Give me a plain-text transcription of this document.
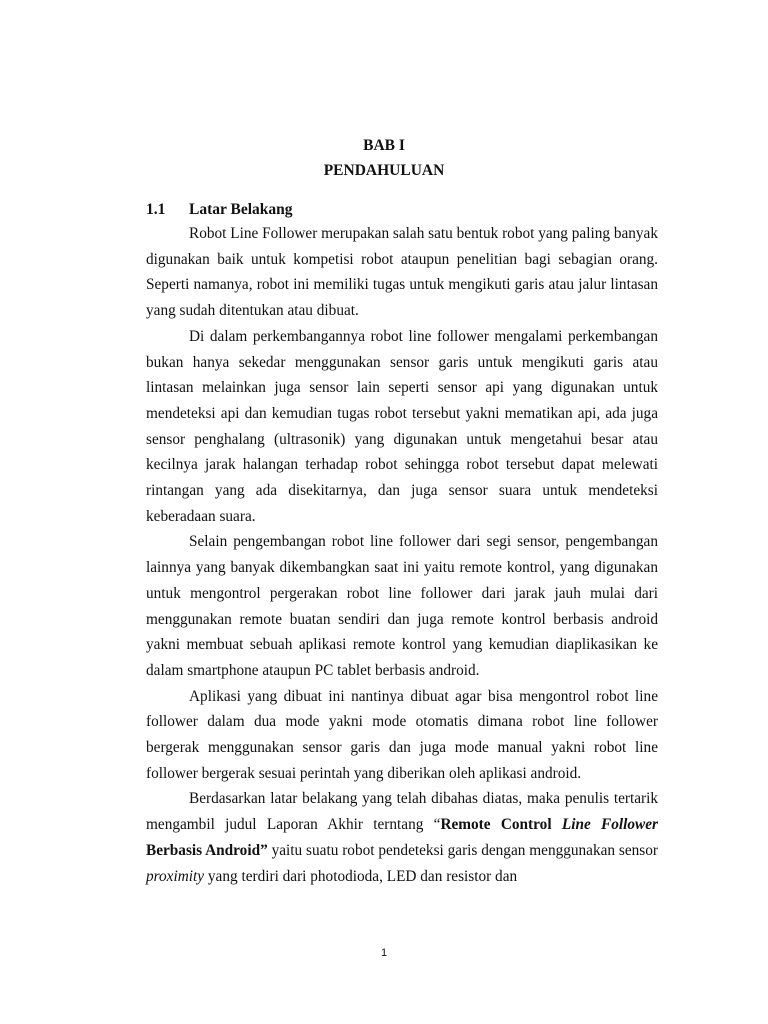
BAB I
PENDAHULUAN
1.1 Latar Belakang

Robot Line Follower merupakan salah satu bentuk robot yang paling banyak digunakan baik untuk kompetisi robot ataupun penelitian bagi sebagian orang. Seperti namanya, robot ini memiliki tugas untuk mengikuti garis atau jalur lintasan yang sudah ditentukan atau dibuat.

Di dalam perkembangannya robot line follower mengalami perkembangan bukan hanya sekedar menggunakan sensor garis untuk mengikuti garis atau lintasan melainkan juga sensor lain seperti sensor api yang digunakan untuk mendeteksi api dan kemudian tugas robot tersebut yakni mematikan api, ada juga sensor penghalang (ultrasonik) yang digunakan untuk mengetahui besar atau kecilnya jarak halangan terhadap robot sehingga robot tersebut dapat melewati rintangan yang ada disekitarnya, dan juga sensor suara untuk mendeteksi keberadaan suara.

Selain pengembangan robot line follower dari segi sensor, pengembangan lainnya yang banyak dikembangkan saat ini yaitu remote kontrol, yang digunakan untuk mengontrol pergerakan robot line follower dari jarak jauh mulai dari menggunakan remote buatan sendiri dan juga remote kontrol berbasis android yakni membuat sebuah aplikasi remote kontrol yang kemudian diaplikasikan ke dalam smartphone ataupun PC tablet berbasis android.

Aplikasi yang dibuat ini nantinya dibuat agar bisa mengontrol robot line follower dalam dua mode yakni mode otomatis dimana robot line follower bergerak menggunakan sensor garis dan juga mode manual yakni robot line follower bergerak sesuai perintah yang diberikan oleh aplikasi android.

Berdasarkan latar belakang yang telah dibahas diatas, maka penulis tertarik mengambil judul Laporan Akhir terntang “Remote Control Line Follower Berbasis Android” yaitu suatu robot pendeteksi garis dengan menggunakan sensor proximity yang terdiri dari photodioda, LED dan resistor dan

1
